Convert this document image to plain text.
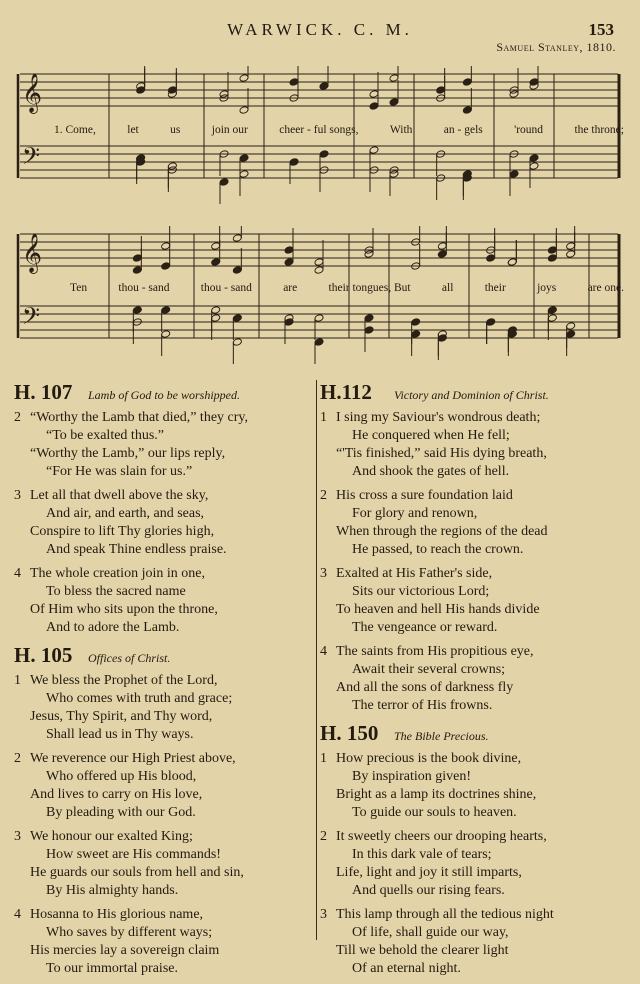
WARWICK. C. M.	153
Samuel Stanley, 1810.
𝄞
𝄢
1. Come,	let	us	join our	cheer - ful songs,	With	an - gels	'round	the throne;
𝄞
𝄢
Ten	thou - sand	thou - sand	are	their tongues, But	all	their	joys	are one.
H. 107	Lamb of God to be worshipped.
2 “Worthy the Lamb that died,” they cry,
“To be exalted thus.”
“Worthy the Lamb,” our lips reply,
“For He was slain for us.”
3 Let all that dwell above the sky,
And air, and earth, and seas,
Conspire to lift Thy glories high,
And speak Thine endless praise.
4 The whole creation join in one,
To bless the sacred name
Of Him who sits upon the throne,
And to adore the Lamb.
H. 105	Offices of Christ.
1 We bless the Prophet of the Lord,
Who comes with truth and grace;
Jesus, Thy Spirit, and Thy word,
Shall lead us in Thy ways.
2 We reverence our High Priest above,
Who offered up His blood,
And lives to carry on His love,
By pleading with our God.
3 We honour our exalted King;
How sweet are His commands!
He guards our souls from hell and sin,
By His almighty hands.
4 Hosanna to His glorious name,
Who saves by different ways;
His mercies lay a sovereign claim
To our immortal praise.
H.112	Victory and Dominion of Christ.
1 I sing my Saviour's wondrous death;
He conquered when He fell;
“'Tis finished,” said His dying breath,
And shook the gates of hell.
2 His cross a sure foundation laid
For glory and renown,
When through the regions of the dead
He passed, to reach the crown.
3 Exalted at His Father's side,
Sits our victorious Lord;
To heaven and hell His hands divide
The vengeance or reward.
4 The saints from His propitious eye,
Await their several crowns;
And all the sons of darkness fly
The terror of His frowns.
H. 150	The Bible Precious.
1 How precious is the book divine,
By inspiration given!
Bright as a lamp its doctrines shine,
To guide our souls to heaven.
2 It sweetly cheers our drooping hearts,
In this dark vale of tears;
Life, light and joy it still imparts,
And quells our rising fears.
3 This lamp through all the tedious night
Of life, shall guide our way,
Till we behold the clearer light
Of an eternal night.
